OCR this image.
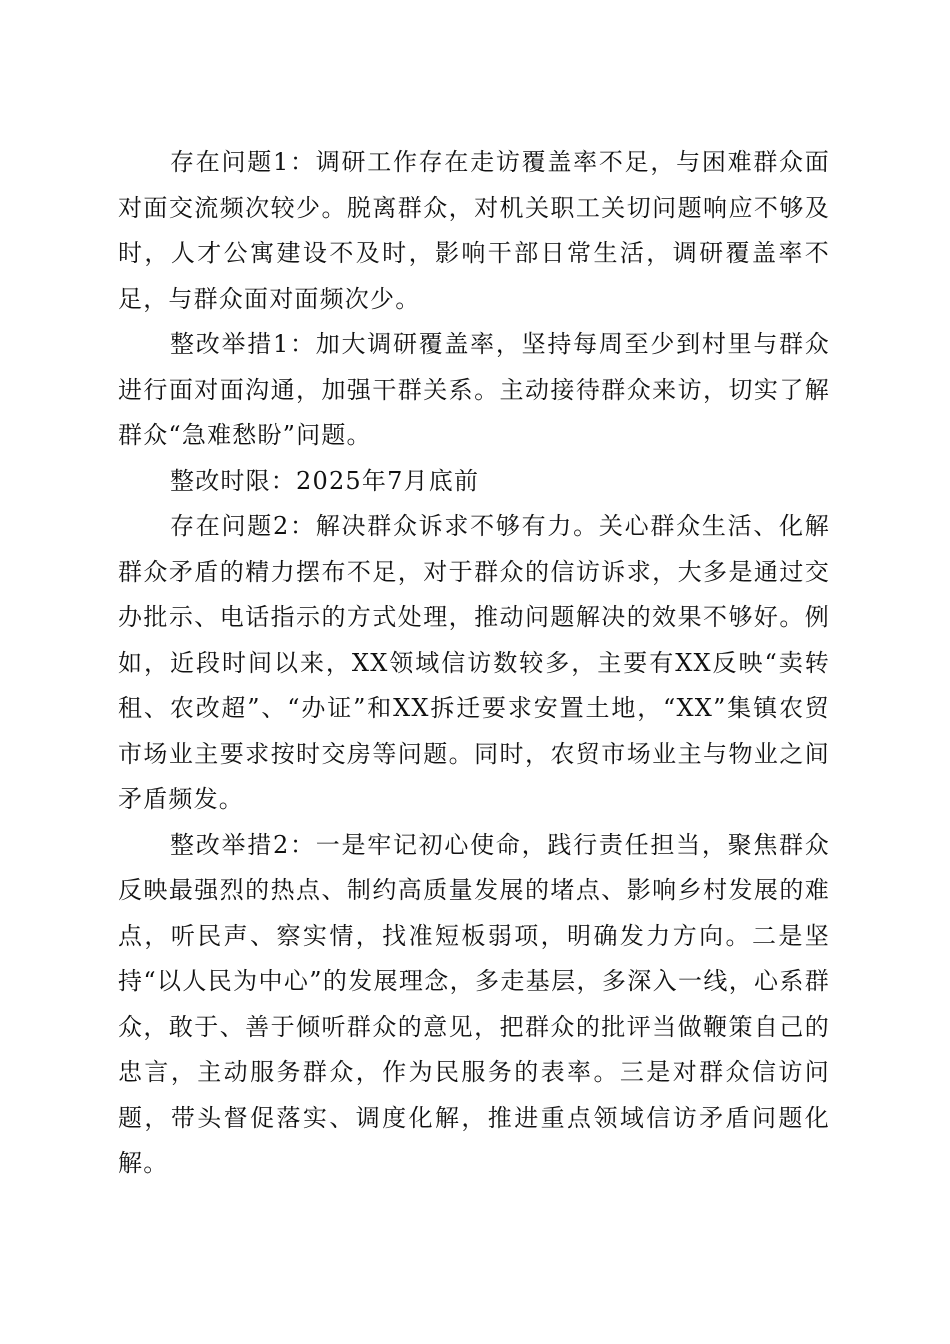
存在问题1：调研工作存在走访覆盖率不足，与困难群众面对面交流频次较少。脱离群众，对机关职工关切问题响应不够及时，人才公寓建设不及时，影响干部日常生活，调研覆盖率不足，与群众面对面频次少。

整改举措1：加大调研覆盖率，坚持每周至少到村里与群众进行面对面沟通，加强干群关系。主动接待群众来访，切实了解群众“急难愁盼”问题。

整改时限：2025年7月底前

存在问题2：解决群众诉求不够有力。关心群众生活、化解群众矛盾的精力摆布不足，对于群众的信访诉求，大多是通过交办批示、电话指示的方式处理，推动问题解决的效果不够好。例如，近段时间以来，XX领域信访数较多，主要有XX反映“卖转租、农改超”、“办证”和XX拆迁要求安置土地，“XX”集镇农贸市场业主要求按时交房等问题。同时，农贸市场业主与物业之间矛盾频发。

整改举措2：一是牢记初心使命，践行责任担当，聚焦群众反映最强烈的热点、制约高质量发展的堵点、影响乡村发展的难点，听民声、察实情，找准短板弱项，明确发力方向。二是坚持“以人民为中心”的发展理念，多走基层，多深入一线，心系群众，敢于、善于倾听群众的意见，把群众的批评当做鞭策自己的忠言，主动服务群众，作为民服务的表率。三是对群众信访问题，带头督促落实、调度化解，推进重点领域信访矛盾问题化解。
